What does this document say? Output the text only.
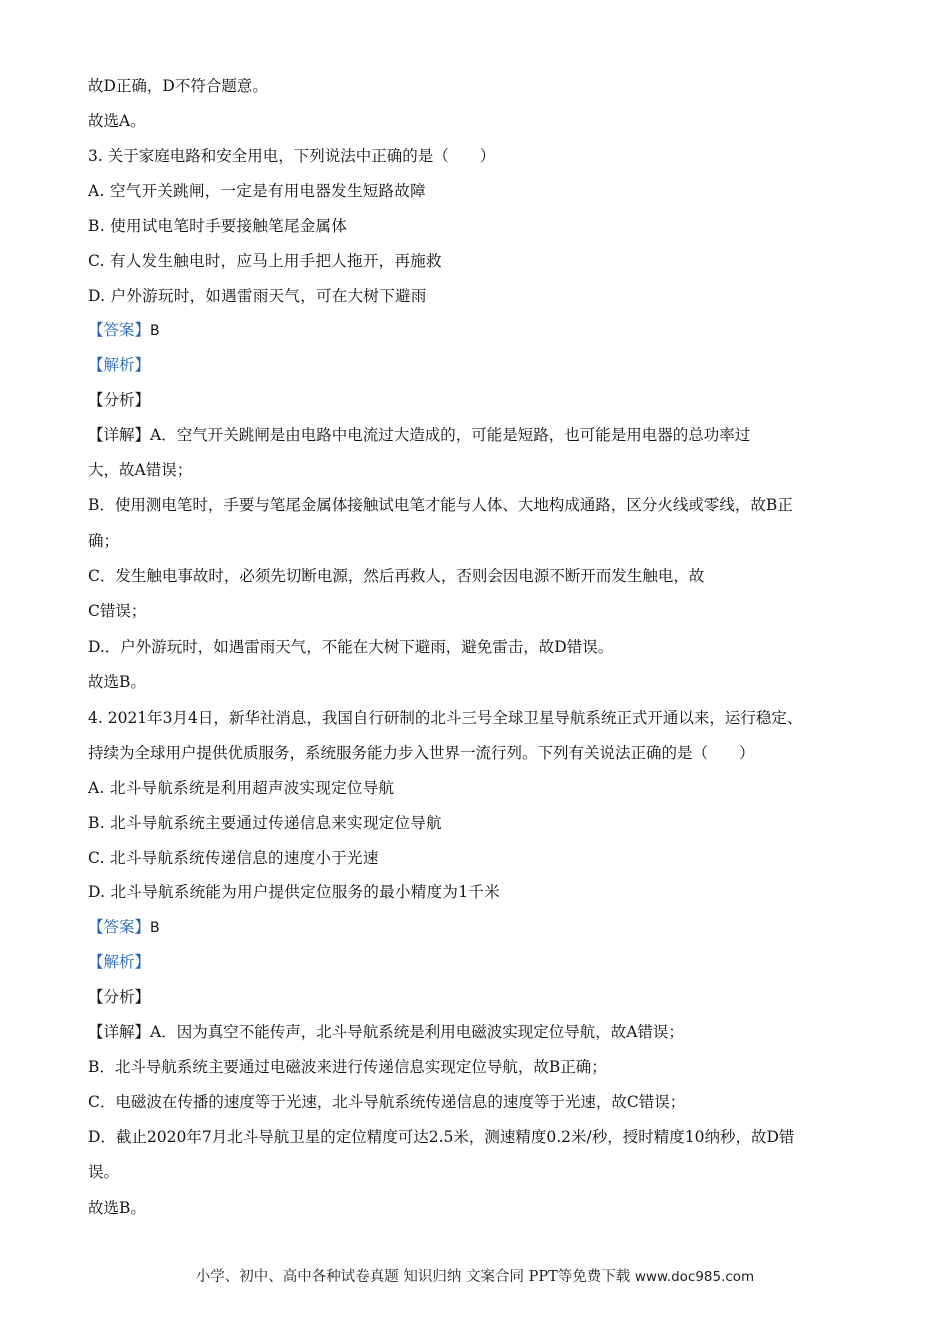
故D正确，D不符合题意。
故选A。
3. 关于家庭电路和安全用电，下列说法中正确的是（　　）
A. 空气开关跳闸，一定是有用电器发生短路故障
B. 使用试电笔时手要接触笔尾金属体
C. 有人发生触电时，应马上用手把人拖开，再施救
D. 户外游玩时，如遇雷雨天气，可在大树下避雨
【答案】B
【解析】
【分析】
【详解】A．空气开关跳闸是由电路中电流过大造成的，可能是短路，也可能是用电器的总功率过
大，故A错误；
B．使用测电笔时，手要与笔尾金属体接触试电笔才能与人体、大地构成通路，区分火线或零线，故B正
确；
C．发生触电事故时，必须先切断电源，然后再救人，否则会因电源不断开而发生触电，故
C错误；
D.．户外游玩时，如遇雷雨天气，不能在大树下避雨，避免雷击，故D错误。
故选B。
4. 2021年3月4日，新华社消息，我国自行研制的北斗三号全球卫星导航系统正式开通以来，运行稳定、
持续为全球用户提供优质服务，系统服务能力步入世界一流行列。下列有关说法正确的是（　　）
A. 北斗导航系统是利用超声波实现定位导航
B. 北斗导航系统主要通过传递信息来实现定位导航
C. 北斗导航系统传递信息的速度小于光速
D. 北斗导航系统能为用户提供定位服务的最小精度为1千米
【答案】B
【解析】
【分析】
【详解】A．因为真空不能传声，北斗导航系统是利用电磁波实现定位导航，故A错误；
B．北斗导航系统主要通过电磁波来进行传递信息实现定位导航，故B正确；
C．电磁波在传播的速度等于光速，北斗导航系统传递信息的速度等于光速，故C错误；
D．截止2020年7月北斗导航卫星的定位精度可达2.5米，测速精度0.2米/秒，授时精度10纳秒，故D错
误。
故选B。
小学、初中、高中各种试卷真题 知识归纳 文案合同 PPT等免费下载 www.doc985.com
